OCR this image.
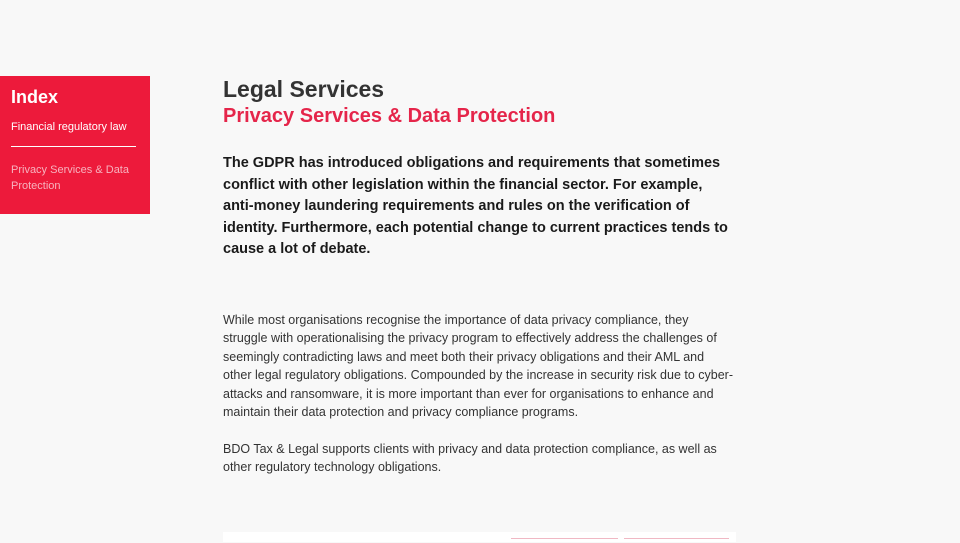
Index
Financial regulatory law
Privacy Services & Data Protection
Legal Services
Privacy Services & Data Protection

The GDPR has introduced obligations and requirements that sometimes conflict with other legislation within the financial sector. For example, anti-money laundering requirements and rules on the verification of identity. Furthermore, each potential change to current practices tends to cause a lot of debate.

While most organisations recognise the importance of data privacy compliance, they struggle with operationalising the privacy program to effectively address the challenges of seemingly contradicting laws and meet both their privacy obligations and their AML and other legal regulatory obligations. Compounded by the increase in security risk due to cyber-attacks and ransomware, it is more important than ever for organisations to enhance and maintain their data protection and privacy compliance programs.

BDO Tax & Legal supports clients with privacy and data protection compliance, as well as other regulatory technology obligations.
